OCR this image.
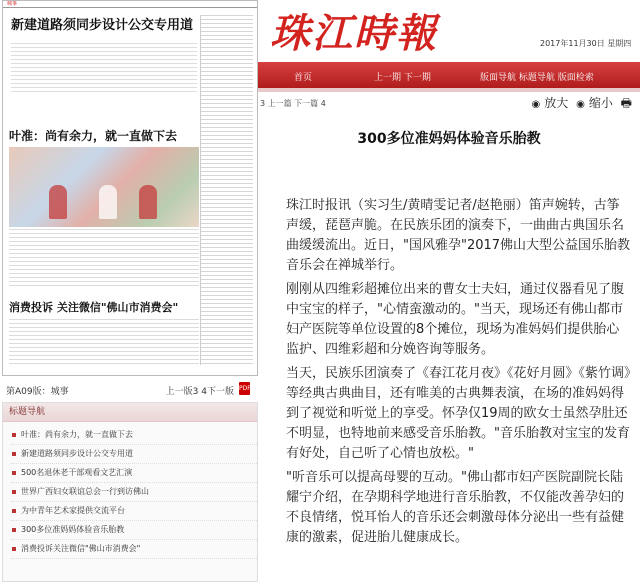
城事
新建道路须同步设计公交专用道
叶准：尚有余力，就一直做下去
消费投诉 关注微信"佛山市消费会"
第A09版：城事	上一版3 4下一版 PDF
标题导航
叶准：尚有余力，就一直做下去
新建道路须同步设计公交专用道
500名退休老干部观看文艺汇演
世界广西妇女联谊总会一行到访佛山
为中青年艺术家提供交流平台
300多位准妈妈体验音乐胎教
消费投诉关注微信"佛山市消费会"
珠江時報	2017年11月30日 星期四
首页	上一期 下一期	版面导航 标题导航 版面检索
3 上一篇 下一篇 4	◉ 放大 ◉ 缩小 🖶
300多位准妈妈体验音乐胎教

珠江时报讯（实习生/黄晴雯记者/赵艳丽）笛声婉转，古筝声缓，琵琶声脆。在民族乐团的演奏下，一曲曲古典国乐名曲缓缓流出。近日，"国风雅孕"2017佛山大型公益国乐胎教音乐会在禅城举行。

刚刚从四维彩超摊位出来的曹女士夫妇，通过仪器看见了腹中宝宝的样子，"心情蛮激动的。"当天，现场还有佛山都市妇产医院等单位设置的8个摊位，现场为准妈妈们提供胎心监护、四维彩超和分娩咨询等服务。

当天，民族乐团演奏了《春江花月夜》《花好月圆》《紫竹调》等经典古典曲目，还有唯美的古典舞表演，在场的准妈妈得到了视觉和听觉上的享受。怀孕仅19周的欧女士虽然孕肚还不明显，也特地前来感受音乐胎教。"音乐胎教对宝宝的发育有好处，自己听了心情也放松。"

"听音乐可以提高母婴的互动。"佛山都市妇产医院副院长陆耀宁介绍，在孕期科学地进行音乐胎教，不仅能改善孕妇的不良情绪，悦耳怡人的音乐还会刺激母体分泌出一些有益健康的激素，促进胎儿健康成长。
